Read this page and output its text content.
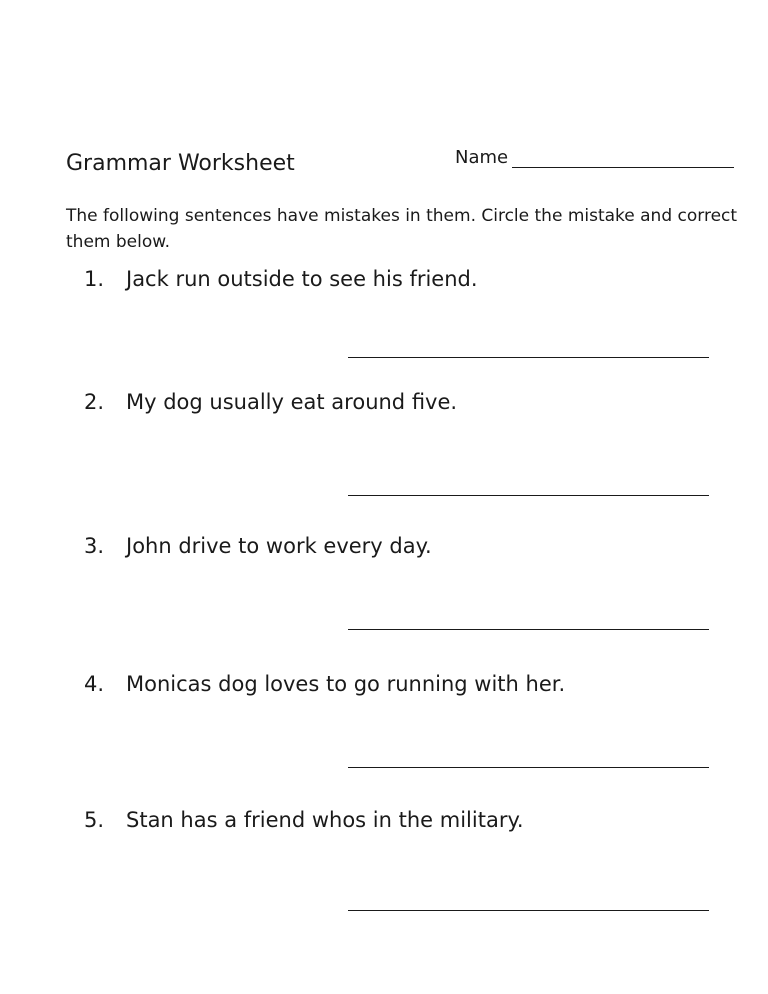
Grammar Worksheet	Name
The following sentences have mistakes in them. Circle the mistake and correct them below.
1. Jack run outside to see his friend.
2. My dog usually eat around five.
3. John drive to work every day.
4. Monicas dog loves to go running with her.
5. Stan has a friend whos in the military.
